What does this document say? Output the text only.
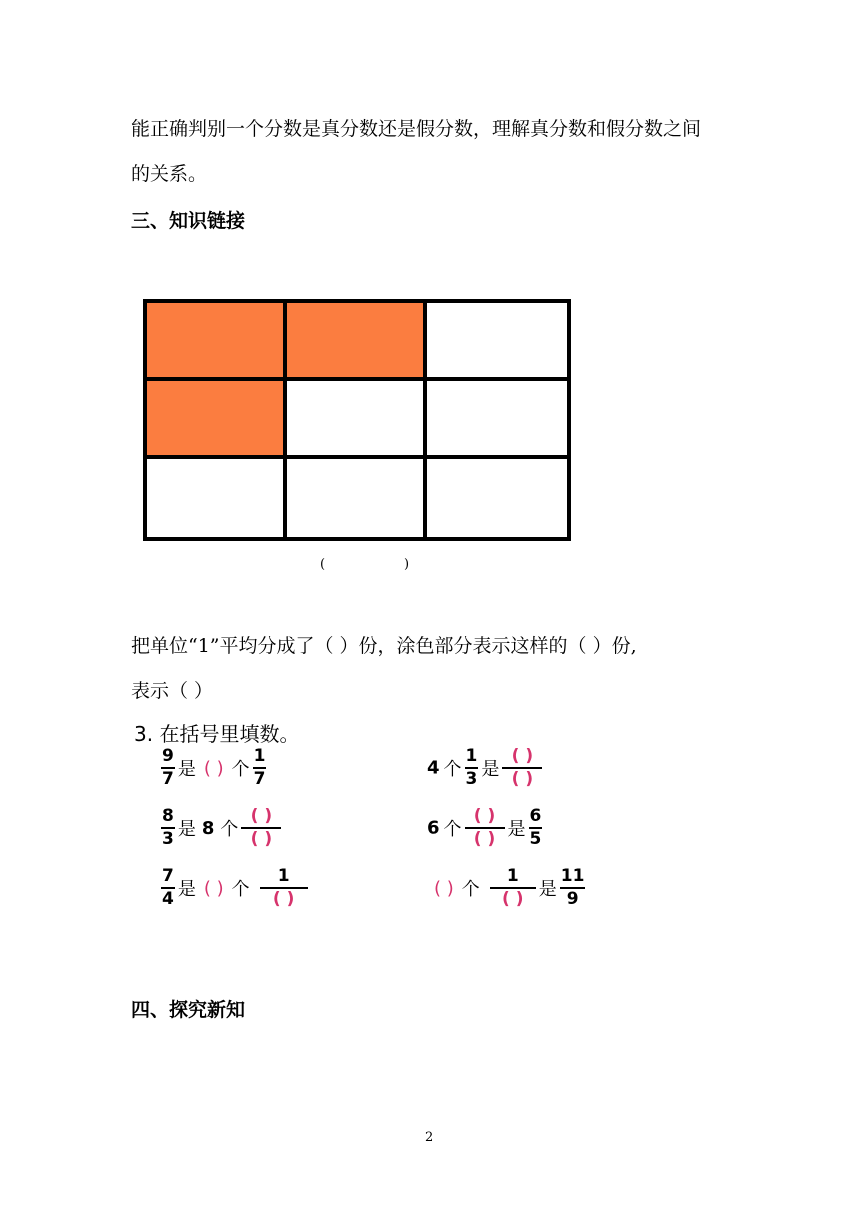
能正确判别一个分数是真分数还是假分数，理解真分数和假分数之间
的关系。
三、知识链接
(	)
把单位“1”平均分成了（ ）份，涂色部分表示这样的（ ）份,
表示（ ）
3. 在括号里填数。
$\frac{9}{7}$ 是 ( ) 个 $\frac{1}{7}$	4 个 $\frac{1}{3}$ 是 $\frac{( )}{( )}$
$\frac{8}{3}$ 是 8 个 $\frac{( )}{( )}$	6 个 $\frac{( )}{( )}$ 是 $\frac{6}{5}$
$\frac{7}{4}$ 是 ( ) 个 $\frac{1}{( )}$	( ) 个 $\frac{1}{( )}$ 是 $\frac{11}{9}$
四、探究新知
2
